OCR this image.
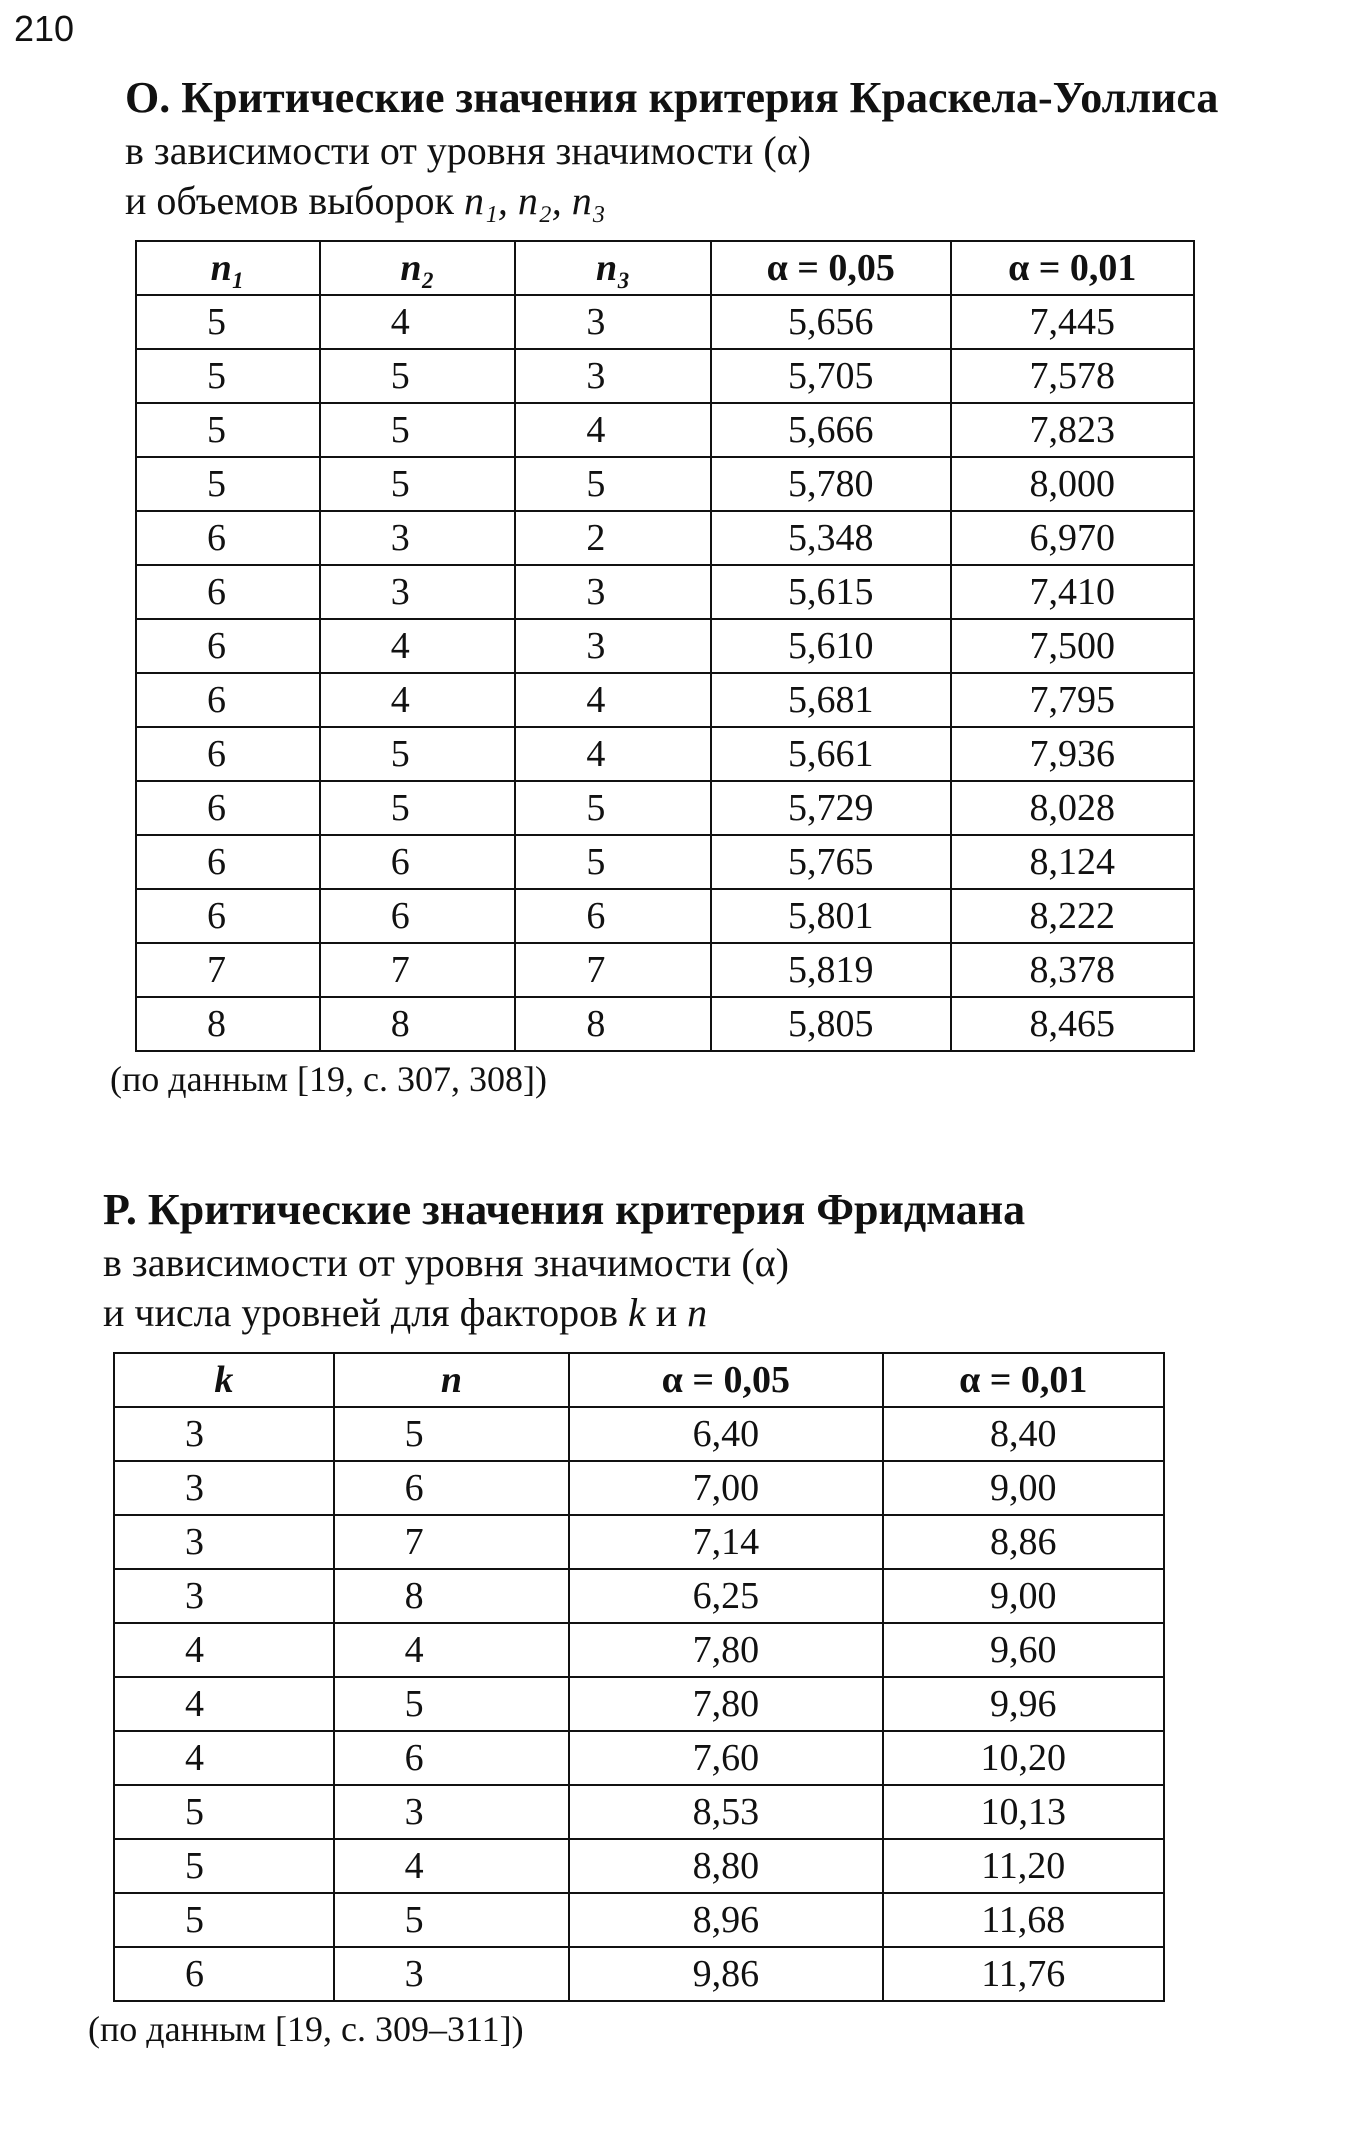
210

O. Критические значения критерия Краскела-Уоллиса

в зависимости от уровня значимости (α)

и объемов выборок n₁, n₂, n₃

n₁	n₂	n₃	α = 0,05	α = 0,01
5	4	3	5,656	7,445
5	5	3	5,705	7,578
5	5	4	5,666	7,823
5	5	5	5,780	8,000
6	3	2	5,348	6,970
6	3	3	5,615	7,410
6	4	3	5,610	7,500
6	4	4	5,681	7,795
6	5	4	5,661	7,936
6	5	5	5,729	8,028
6	6	5	5,765	8,124
6	6	6	5,801	8,222
7	7	7	5,819	8,378
8	8	8	5,805	8,465

(по данным [19, с. 307, 308])

P. Критические значения критерия Фридмана

в зависимости от уровня значимости (α)

и числа уровней для факторов k и n

k	n	α = 0,05	α = 0,01
3	5	6,40	8,40
3	6	7,00	9,00
3	7	7,14	8,86
3	8	6,25	9,00
4	4	7,80	9,60
4	5	7,80	9,96
4	6	7,60	10,20
5	3	8,53	10,13
5	4	8,80	11,20
5	5	8,96	11,68
6	3	9,86	11,76

(по данным [19, с. 309–311])
